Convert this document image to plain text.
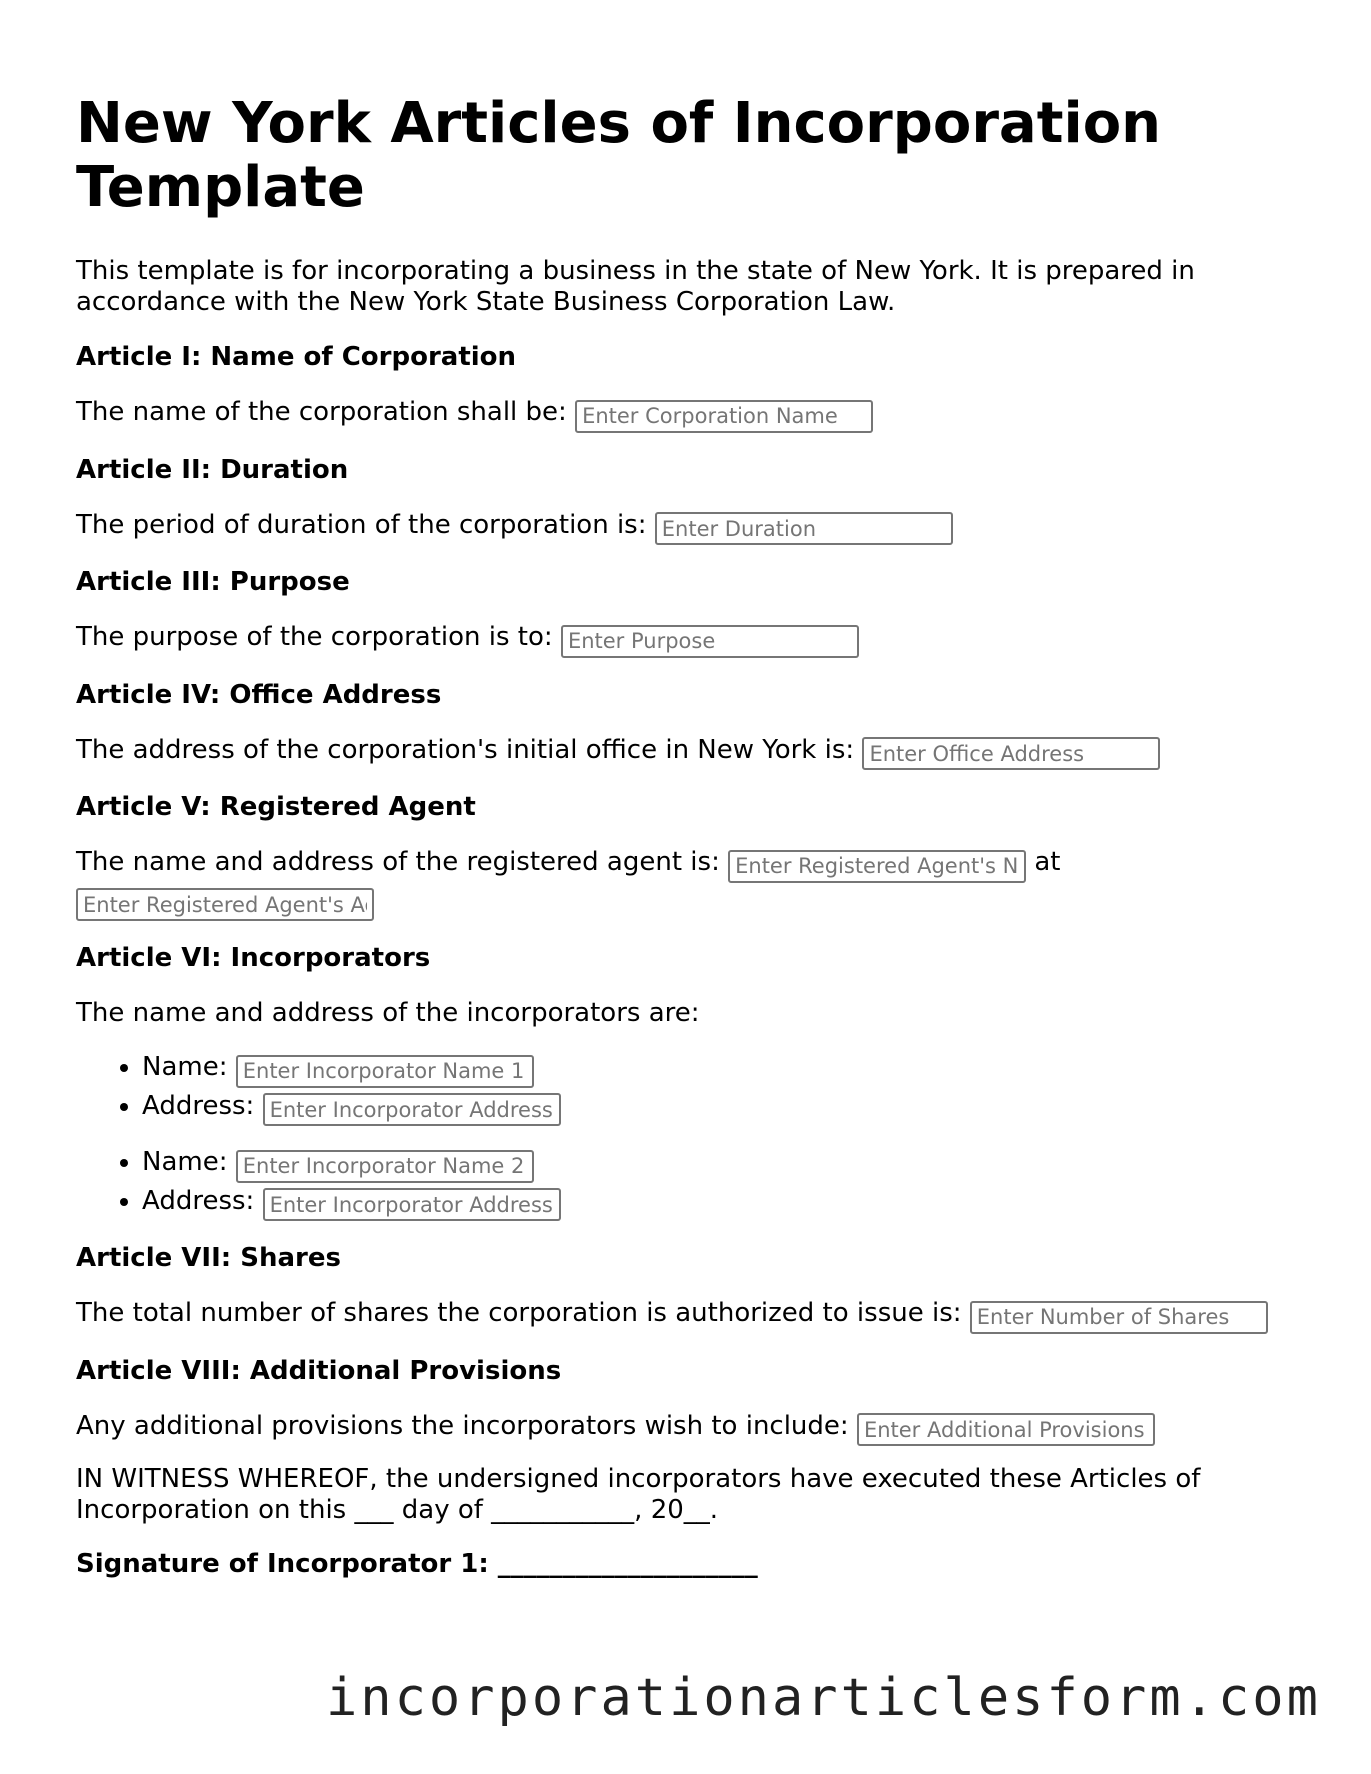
New York Articles of Incorporation Template

This template is for incorporating a business in the state of New York. It is prepared in accordance with the New York State Business Corporation Law.

Article I: Name of Corporation

The name of the corporation shall be: Enter Corporation Name

Article II: Duration

The period of duration of the corporation is: Enter Duration

Article III: Purpose

The purpose of the corporation is to: Enter Purpose

Article IV: Office Address

The address of the corporation's initial office in New York is: Enter Office Address

Article V: Registered Agent

The name and address of the registered agent is: Enter Registered Agent's Name	at Enter Registered Agent's Address

Article VI: Incorporators

The name and address of the incorporators are:

• Name: Enter Incorporator Name 1
• Address: Enter Incorporator Address 1
• Name: Enter Incorporator Name 2
• Address: Enter Incorporator Address 2
Article VII: Shares

The total number of shares the corporation is authorized to issue is: Enter Number of Shares

Article VIII: Additional Provisions

Any additional provisions the incorporators wish to include: Enter Additional Provisions

IN WITNESS WHEREOF, the undersigned incorporators have executed these Articles of Incorporation on this ___ day of ___________, 20__.

Signature of Incorporator 1: ____________________

incorporationarticlesform.com
